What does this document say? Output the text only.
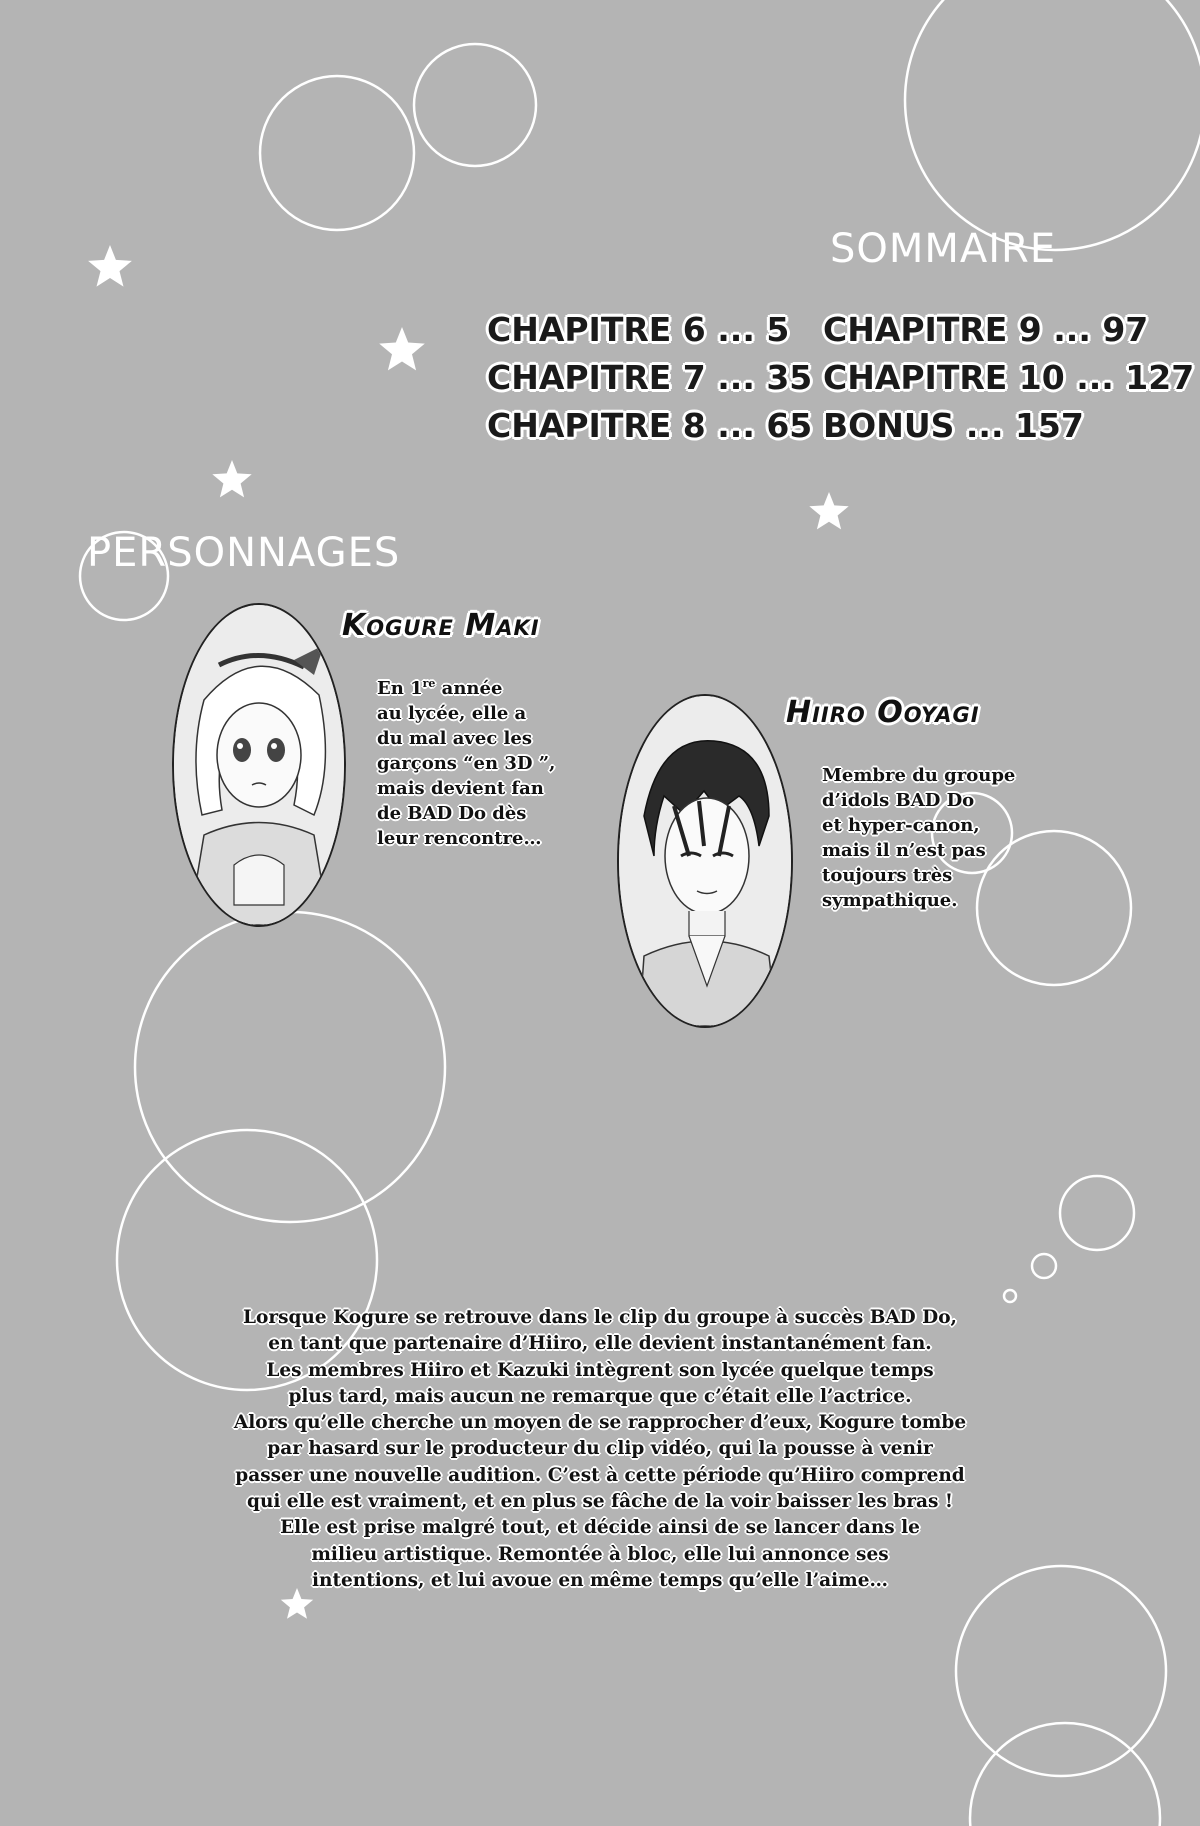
SOMMAIRE
CHAPITRE 6 ... 5
CHAPITRE 7 ... 35
CHAPITRE 8 ... 65
CHAPITRE 9 ... 97
CHAPITRE 10 ... 127
BONUS ... 157
PERSONNAGES
Kogure Maki

En 1re année

au lycée, elle a

du mal avec les

garçons “en 3D ”,

mais devient fan

de BAD Do dès

leur rencontre…

Hiiro Ooyagi

Membre du groupe

d’idols BAD Do

et hyper-canon,

mais il n’est pas

toujours très

sympathique.

Lorsque Kogure se retrouve dans le clip du groupe à succès BAD Do,

en tant que partenaire d’Hiiro, elle devient instantanément fan.

Les membres Hiiro et Kazuki intègrent son lycée quelque temps

plus tard, mais aucun ne remarque que c’était elle l’actrice.

Alors qu’elle cherche un moyen de se rapprocher d’eux, Kogure tombe

par hasard sur le producteur du clip vidéo, qui la pousse à venir

passer une nouvelle audition. C’est à cette période qu’Hiiro comprend

qui elle est vraiment, et en plus se fâche de la voir baisser les bras !

Elle est prise malgré tout, et décide ainsi de se lancer dans le

milieu artistique. Remontée à bloc, elle lui annonce ses

intentions, et lui avoue en même temps qu’elle l’aime…
